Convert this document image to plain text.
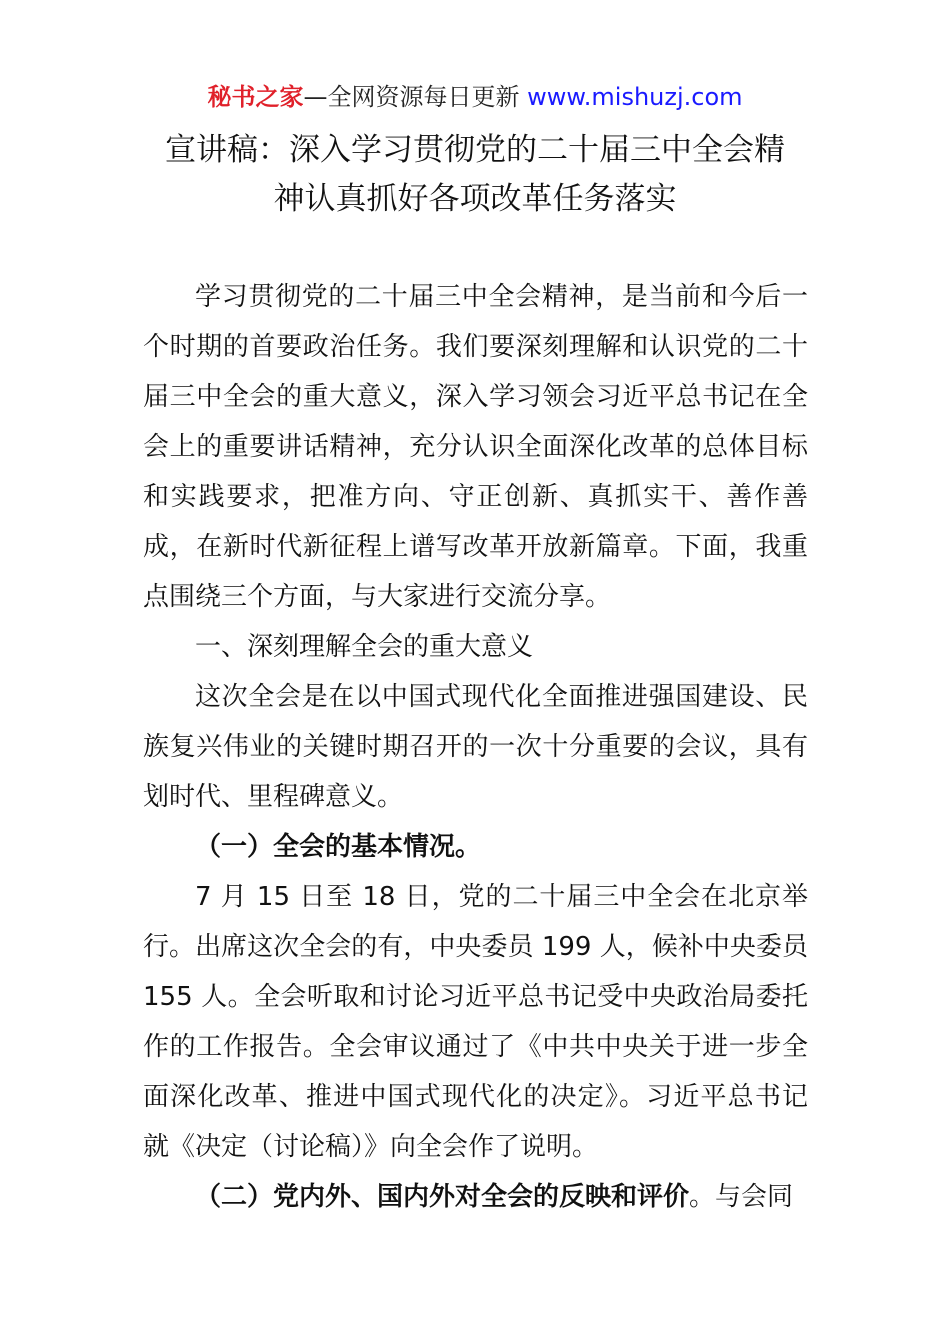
秘书之家—全网资源每日更新 www.mishuzj.com
宣讲稿：深入学习贯彻党的二十届三中全会精
神认真抓好各项改革任务落实
学习贯彻党的二十届三中全会精神，是当前和今后一
个时期的首要政治任务。我们要深刻理解和认识党的二十
届三中全会的重大意义，深入学习领会习近平总书记在全
会上的重要讲话精神，充分认识全面深化改革的总体目标
和实践要求，把准方向、守正创新、真抓实干、善作善
成，在新时代新征程上谱写改革开放新篇章。下面，我重
点围绕三个方面，与大家进行交流分享。
一、深刻理解全会的重大意义
这次全会是在以中国式现代化全面推进强国建设、民
族复兴伟业的关键时期召开的一次十分重要的会议，具有
划时代、里程碑意义。
（一）全会的基本情况。
7 月 15 日至 18 日，党的二十届三中全会在北京举
行。出席这次全会的有，中央委员 199 人，候补中央委员
155 人。全会听取和讨论习近平总书记受中央政治局委托
作的工作报告。全会审议通过了《中共中央关于进一步全
面深化改革、推进中国式现代化的决定》。习近平总书记
就《决定（讨论稿）》向全会作了说明。
（二）党内外、国内外对全会的反映和评价。与会同
